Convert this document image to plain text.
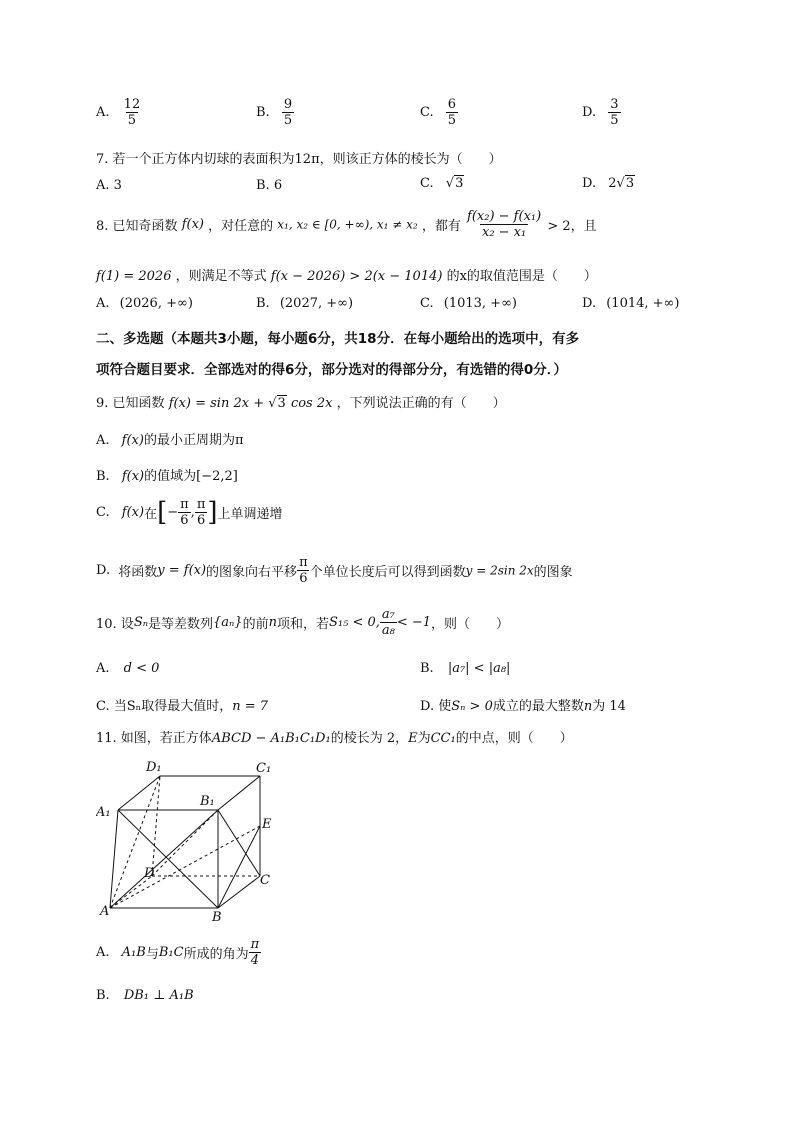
A. $\frac{12}{5}$	B. $\frac{9}{5}$	C. $\frac{6}{5}$	D. $\frac{3}{5}$
7. 若一个正方体内切球的表面积为12π，则该正方体的棱长为（　　）
A. 3	B. 6	C. √3	D. 2√3
8. 已知奇函数 f(x) ，对任意的 x₁, x₂ ∈ [0, +∞), x₁ ≠ x₂ ，都有 $\frac{\text{f(x₂) − f(x₁)}}{\text{x₂ − x₁}} > 2$，且
f(1) = 2026 ，则满足不等式 f(x − 2026) > 2(x − 1014) 的x的取值范围是（　　）
A. (2026, +∞)	B. (2027, +∞)	C. (1013, +∞)	D. (1014, +∞)
二、多选题（本题共3小题，每小题6分，共18分．在每小题给出的选项中，有多
项符合题目要求．全部选对的得6分，部分选对的得部分分，有选错的得0分．）
9. 已知函数 f(x) = sin 2x + √3 cos 2x ，下列说法正确的有（　　）
A. f(x)的最小正周期为π
B. f(x)的值域为[−2,2]
C. f(x)在[− $\frac{\pi}{6}$ , $\frac{\pi}{6}$ ]上单调递增
D. 将函数y = f(x)的图象向右平移 $\frac{\pi}{6}$ 个单位长度后可以得到函数y = 2sin 2x的图象
10. 设Sₙ是等差数列{aₙ}的前n项和，若S₁₅ < 0, $\frac{\text{a₇}}{\text{a₈}} < -1$，则（　　）
A. d < 0	B. |a₇| < |a₈|
C. 当Sₙ取得最大值时，n = 7	D. 使Sₙ > 0成立的最大整数n为 14
11. 如图，若正方体ABCD − A₁B₁C₁D₁的棱长为 2，E为CC₁的中点，则（　　）
D₁	C₁
A₁
B₁
E
D	C
A	B
A. A₁B与B₁C所成的角为 $\frac{\pi}{4}$
B. DB₁ ⊥ A₁B
